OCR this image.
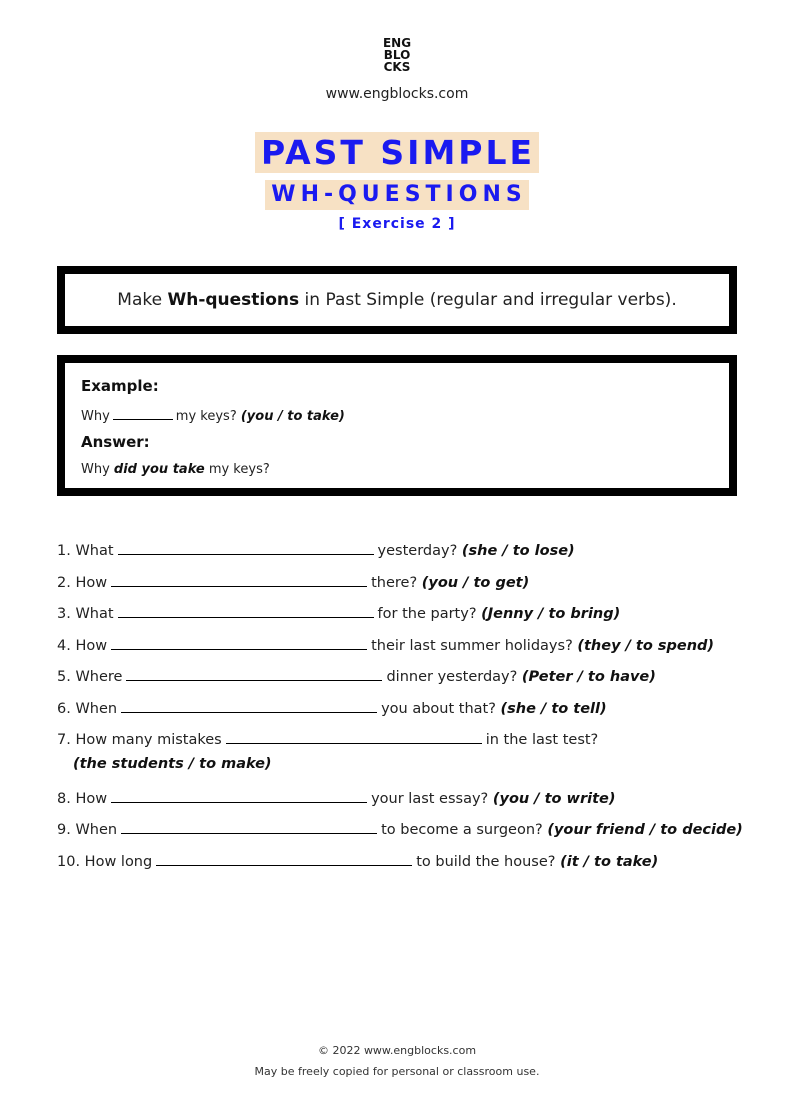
ENG
BLO
CKS
www.engblocks.com
PAST SIMPLE
WH-QUESTIONS
[ Exercise 2 ]
Make Wh-questions in Past Simple (regular and irregular verbs).
Example:
Why	my keys? (you / to take)
Answer:
Why did you take my keys?
1. What	yesterday? (she / to lose)
2. How	there? (you / to get)
3. What	for the party? (Jenny / to bring)
4. How	their last summer holidays? (they / to spend)
5. Where	dinner yesterday? (Peter / to have)
6. When	you about that? (she / to tell)
7. How many mistakes	in the last test?
(the students / to make)
8. How	your last essay? (you / to write)
9. When	to become a surgeon? (your friend / to decide)
10. How long	to build the house? (it / to take)
© 2022 www.engblocks.com
May be freely copied for personal or classroom use.
